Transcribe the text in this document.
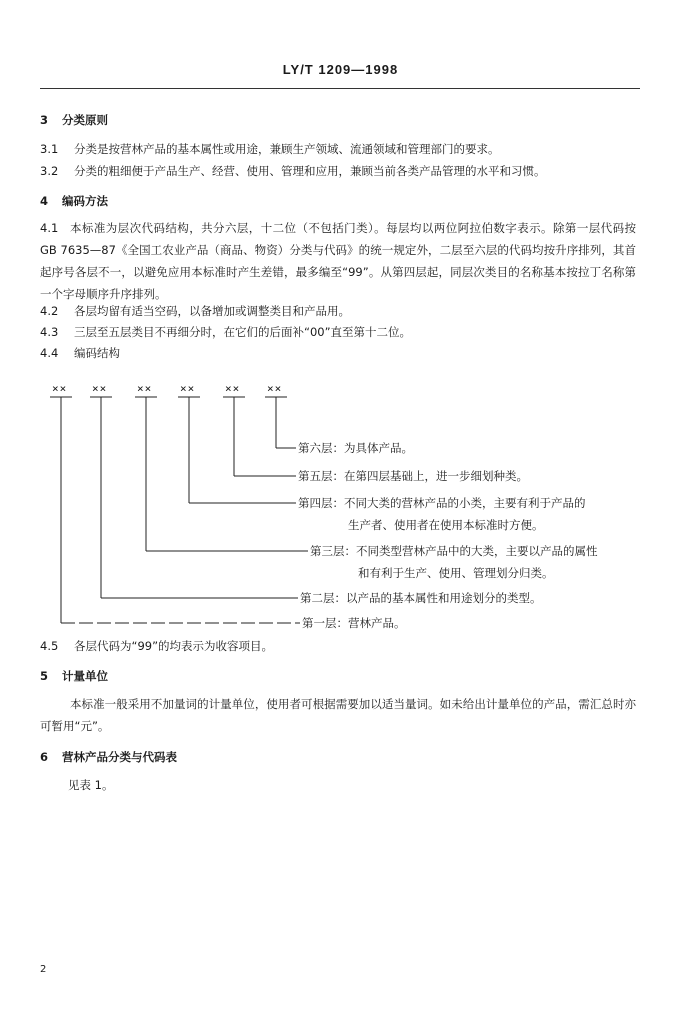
LY/T 1209—1998
3 分类原则
3.1 分类是按营林产品的基本属性或用途，兼顾生产领域、流通领域和管理部门的要求。
3.2 分类的粗细便于产品生产、经营、使用、管理和应用，兼顾当前各类产品管理的水平和习惯。
4 编码方法
4.1	本标准为层次代码结构，共分六层，十二位（不包括门类）。每层均以两位阿拉伯数字表示。除第一层代码按 GB 7635—87《全国工农业产品（商品、物资）分类与代码》的统一规定外，二层至六层的代码均按升序排列，其首起序号各层不一，以避免应用本标准时产生差错，最多编至“99”。从第四层起，同层次类目的名称基本按拉丁名称第一个字母顺序升序排列。
4.2 各层均留有适当空码，以备增加或调整类目和产品用。
4.3 三层至五层类目不再细分时，在它们的后面补“00”直至第十二位。
4.4 编码结构
×× ××	××	××	×× ××
第六层：为具体产品。
第五层：在第四层基础上，进一步细划种类。
第四层：不同大类的营林产品的小类，主要有利于产品的
生产者、使用者在使用本标准时方便。
第三层：不同类型营林产品中的大类，主要以产品的属性
和有利于生产、使用、管理划分归类。
第二层：以产品的基本属性和用途划分的类型。
第一层：营林产品。
4.5 各层代码为“99”的均表示为收容项目。
5 计量单位
本标准一般采用不加量词的计量单位，使用者可根据需要加以适当量词。如未给出计量单位的产品，需汇总时亦可暂用“元”。
6 营林产品分类与代码表
见表 1。
2
